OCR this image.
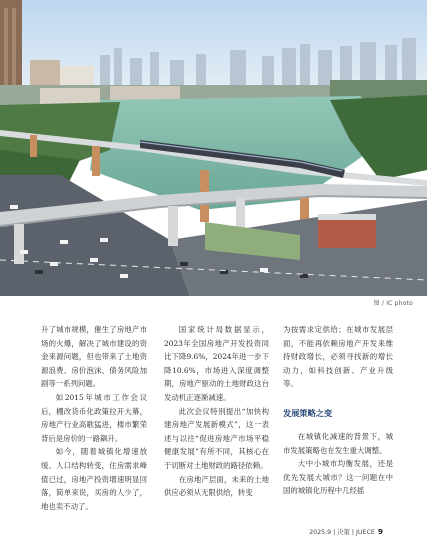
图 / IC photo

升了城市规模，催生了房地产市场的火爆，解决了城市建设的资金来源问题，但也带来了土地资源浪费、房价泡沫、债务风险加剧等一系列问题。

如2015年城市工作会议后，棚改货币化政策拉开大幕，房地产行业高歌猛进，楼市繁荣背后是房价的一路飙升。

如今，随着城镇化增速放缓、人口结构转变，住房需求峰值已过，房地产投资增速明显回落，简单来说，买房的人少了，地也卖不动了。

国家统计局数据显示，2023年全国房地产开发投资同比下降9.6%，2024年进一步下降10.6%，市场进入深度调整期，房地产驱动的土地财政这台发动机正逐渐减速。

此次会议特别提出“加快构建房地产发展新模式”，这一表述与以往“促进房地产市场平稳健康发展”有所不同，其核心在于切断对土地财政的路径依赖。

在房地产层面，未来的土地供应必须从无限供给，转变

为按需求定供给；在城市发展层面，不能再依赖房地产开发来维持财政增长，必须寻找新的增长动力，如科技创新、产业升级等。

发展策略之变

在城镇化减速的背景下，城市发展策略也在发生重大调整。

大中小城市均衡发展，还是优先发展大城市？这一问题在中国的城镇化历程中几经摇

2025.9 | 决策 | JUECE 9
